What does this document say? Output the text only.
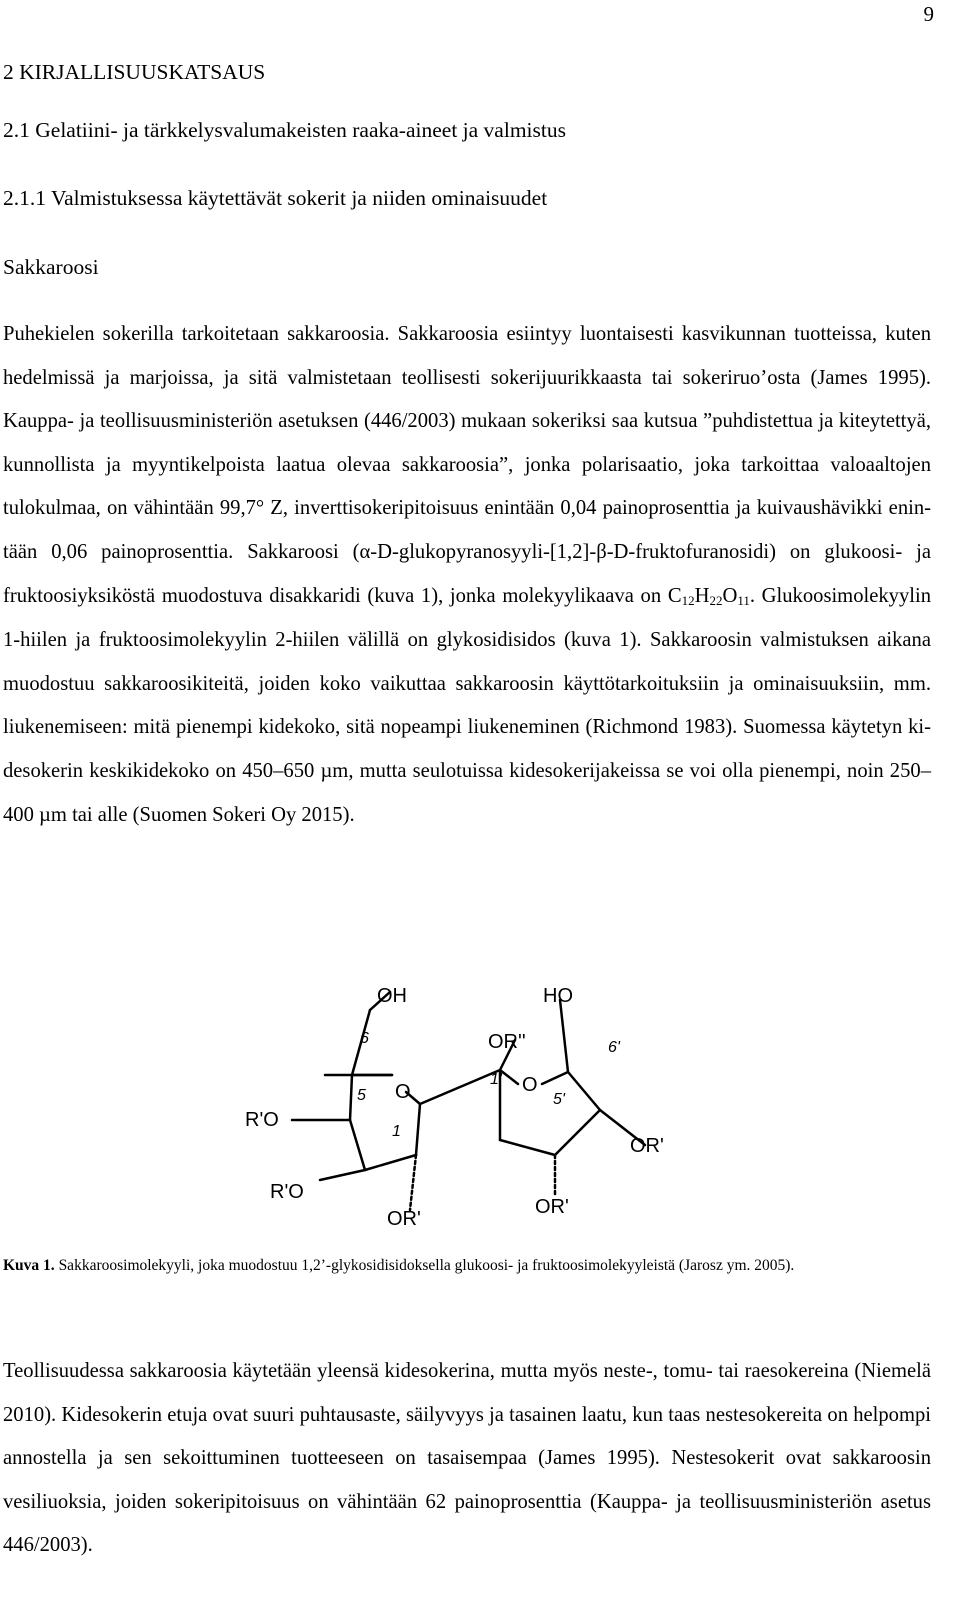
9
2 KIRJALLISUUSKATSAUS
2.1 Gelatiini- ja tärkkelysvalumakeisten raaka-aineet ja valmistus
2.1.1 Valmistuksessa käytettävät sokerit ja niiden ominaisuudet
Sakkaroosi

Puhekielen sokerilla tarkoitetaan sakkaroosia. Sakkaroosia esiintyy luontaisesti kasvikunnan tuotteissa, kuten hedelmissä ja marjoissa, ja sitä valmistetaan teollisesti sokerijuurikkaasta tai sokeriruo’osta (James 1995). Kauppa- ja teollisuusministeriön asetuksen (446/2003) mukaan sokeriksi saa kutsua ”puhdistettua ja kiteytettyä, kunnollista ja myyntikelpoista laatua olevaa sakkaroosia”, jonka polarisaatio, joka tarkoittaa valoaaltojen tulokulmaa, on vähintään 99,7° Z, inverttisokeripitoisuus enintään 0,04 painoprosenttia ja kuivaushävikki enintään 0,06 painoprosenttia. Sakkaroosi (α-D-glukopyranosyyli-[1,2]-β-D-fruktofuranosidi) on glukoosi- ja fruktoosiyksiköstä muodostuva disakkaridi (kuva 1), jonka molekyylikaava on $C_{12}H_{22}O_{11}$. Glukoosimolekyylin 1-hiilen ja fruktoosimolekyylin 2-hiilen välillä on glykosidisidos (kuva 1). Sakkaroosin valmistuksen aikana muodostuu sakkaroosikiteitä, joiden koko vaikuttaa sakkaroosin käyttötarkoituksiin ja ominaisuuksiin, mm. liukenemiseen: mitä pienempi kidekoko, sitä nopeampi liukeneminen (Richmond 1983). Suomessa käytetyn kidesokerin keskikidekoko on 450–650 µm, mutta seulotuissa kidesokerijakeissa se voi olla pienempi, noin 250–400 µm tai alle (Suomen Sokeri Oy 2015).

OH	HO
6
6'
O	O
5
1
1'
5'
R'O
R'O
OR'
OR''
OR'
OR'

Kuva 1. Sakkaroosimolekyyli, joka muodostuu 1,2’-glykosidisidoksella glukoosi- ja fruktoosimolekyyleistä (Jarosz ym. 2005).

Teollisuudessa sakkaroosia käytetään yleensä kidesokerina, mutta myös neste-, tomu- tai raesokereina (Niemelä 2010). Kidesokerin etuja ovat suuri puhtausaste, säilyvyys ja tasainen laatu, kun taas nestesokereita on helpompi annostella ja sen sekoittuminen tuotteeseen on tasaisempaa (James 1995). Nestesokerit ovat sakkaroosin vesiliuoksia, joiden sokeripitoisuus on vähintään 62 painoprosenttia (Kauppa- ja teollisuusministeriön asetus 446/2003).
